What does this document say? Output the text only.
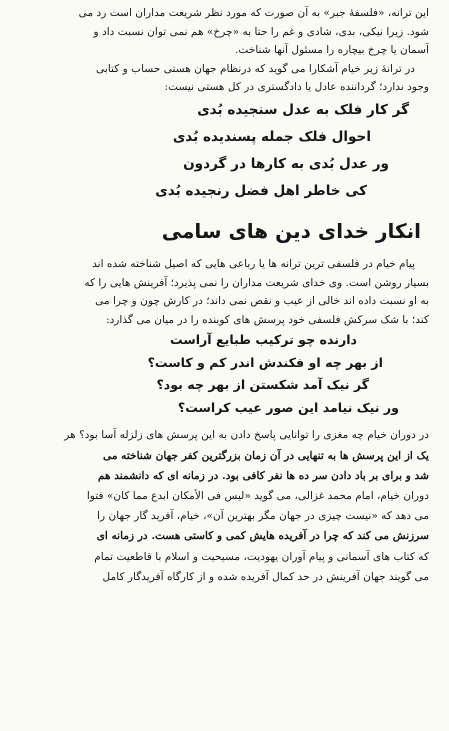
این ترانه، «فلسفهٔ جبر» به آن صورت که مورد نظر شریعت مداران است رد می

شود. زیرا نیکی، بدی، شادی و غم را حتا به «چرخ» هم نمی توان نسبت داد و

آسمان یا چرخ بیچاره را مسئول آنها شناخت.

در ترانهٔ زیر خیام آشکارا می گوید که درنظام جهان هستی حساب و کتابی

وجود ندارد؛ گرداننده عادل یا دادگستری در کل هستی نیست:

گر کار فلک به عدل سنجیده بُدی
احوال فلک جمله پسندیده بُدی
ور عدل بُدی به کارها در گردون
کی خاطر اهل فضل رنجیده بُدی
انکار خدای دین های سامی

پیام خیام در فلسفی ترین ترانه ها یا رباعی هایی که اصیل شناخته شده اند

بسیار روشن است. وی خدای شریعت مداران را نمی پذیرد؛ آفرینش هایی را که

به او نسبت داده اند خالی از عیب و نقص نمی داند؛ در کارش چون و چرا می

کند؛ با شک سرکش فلسفی خود پرسش های کوبنده را در میان می گذارد:

دارنده چو ترکیب طبایع آراست
از بهر چه او فکندش اندر کم و کاست؟
گر نیک آمد شکستن از بهر چه بود؟
ور نیک نیامد این صور عیب کراست؟

در دوران خیام چه مغزی را توانایی پاسخ دادن به این پرسش های زلزله آسا بود؟ هر

یک از این پرسش ها به تنهایی در آن زمان بزرگترین کفر جهان شناخته می

شد و برای بر باد دادن سر ده ها نفر کافی بود. در زمانه ای که دانشمند هم

دوران خیام، امام محمد غزالی، می گوید «لیس فی الأمکان ابدع مما کان» فتوا

می دهد که «نیست چیزی در جهان مگر بهترین آن»، خیام، آفرید گار جهان را

سرزنش می کند که چرا در آفریده هایش کمی و کاستی هست. در زمانه ای

که کتاب های آسمانی و پیام آوران یهودیت، مسیحیت و اسلام با قاطعیت تمام

می گویند جهان آفرینش در حد کمال آفریده شده و از کارگاه آفریدگار کامل
